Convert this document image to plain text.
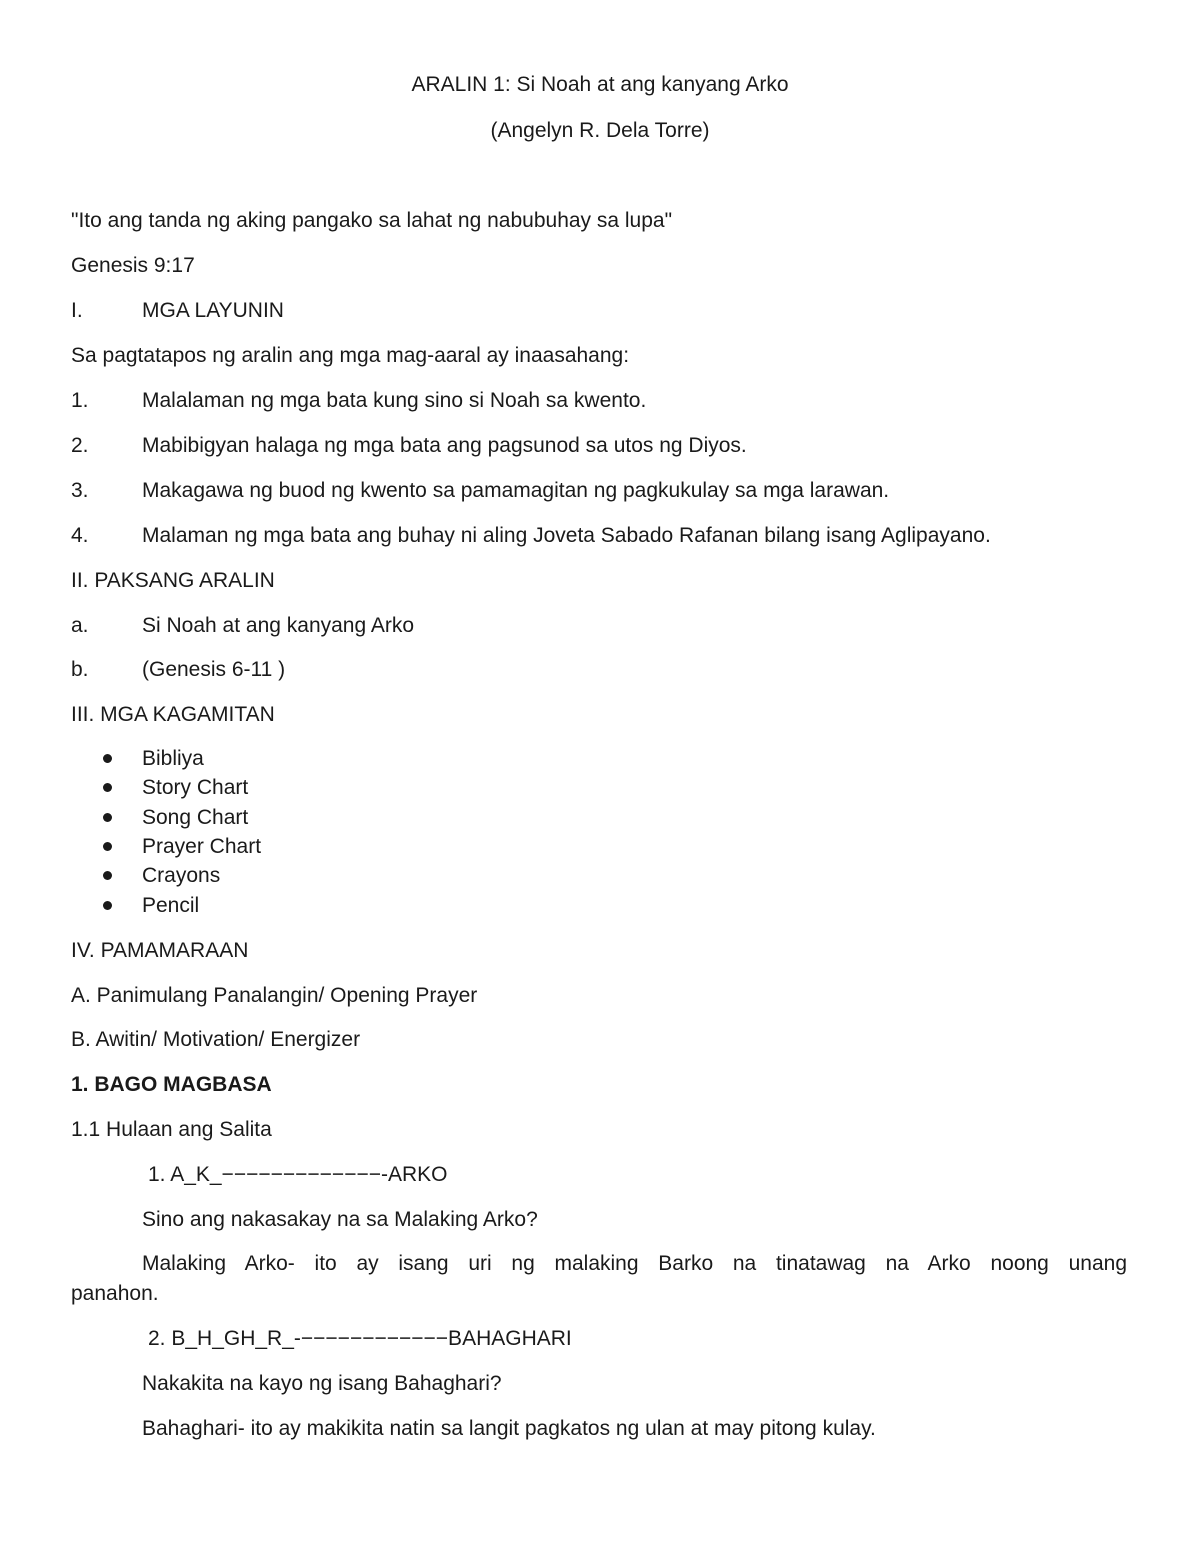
ARALIN 1: Si Noah at ang kanyang Arko
(Angelyn R. Dela Torre)
"Ito ang tanda ng aking pangako sa lahat ng nabubuhay sa lupa"
Genesis 9:17
I.	MGA LAYUNIN
Sa pagtatapos ng aralin ang mga mag-aaral ay inaasahang:
1.	Malalaman ng mga bata kung sino si Noah sa kwento.
2.	Mabibigyan halaga ng mga bata ang pagsunod sa utos ng Diyos.
3.	Makagawa ng buod ng kwento sa pamamagitan ng pagkukulay sa mga larawan.
4.	Malaman ng mga bata ang buhay ni aling Joveta Sabado Rafanan bilang isang Aglipayano.
II. PAKSANG ARALIN
a.	Si Noah at ang kanyang Arko
b.	(Genesis 6-11 )
III. MGA KAGAMITAN
Bibliya
Story Chart
Song Chart
Prayer Chart
Crayons
Pencil
IV. PAMAMARAAN
A. Panimulang Panalangin/ Opening Prayer
B. Awitin/ Motivation/ Energizer
1. BAGO MAGBASA
1.1 Hulaan ang Salita
1. A_K_−−−−−−−−−−−−−-ARKO
Sino ang nakasakay na sa Malaking Arko?
Malaking Arko- ito ay isang uri ng malaking Barko na tinatawag na Arko noong unang
panahon.
2. B_H_GH_R_-−−−−−−−−−−−−BAHAGHARI
Nakakita na kayo ng isang Bahaghari?
Bahaghari- ito ay makikita natin sa langit pagkatos ng ulan at may pitong kulay.
